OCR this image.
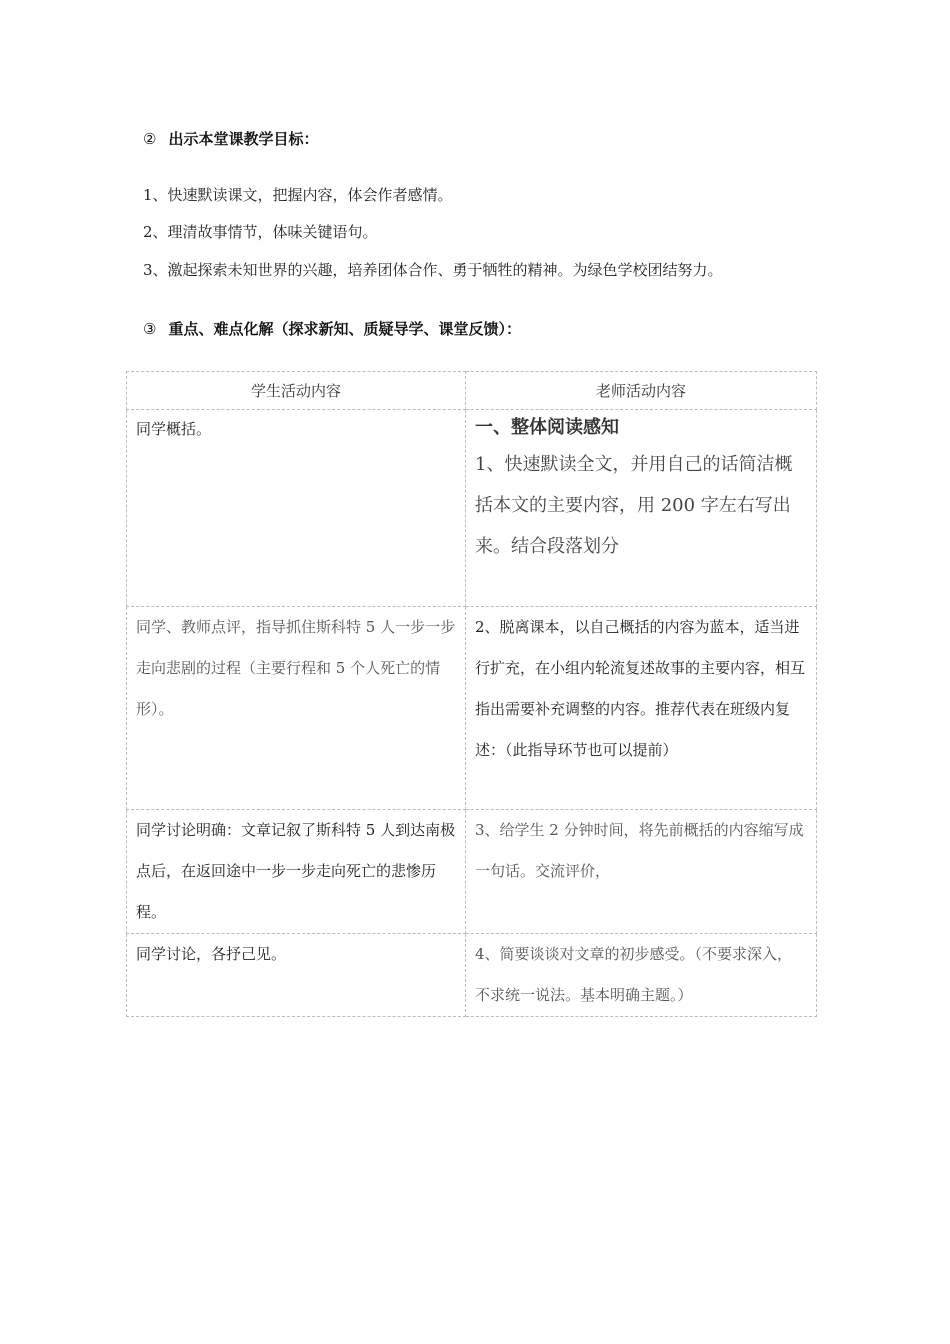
② 出示本堂课教学目标：
1、快速默读课文，把握内容，体会作者感情。
2、理清故事情节，体味关键语句。
3、激起探索未知世界的兴趣，培养团体合作、勇于牺牲的精神。为绿色学校团结努力。
③ 重点、难点化解（探求新知、质疑导学、课堂反馈）：
学生活动内容	老师活动内容

同学概括。	一、整体阅读感知
1、快速默读全文，并用自己的话简洁概括本文的主要内容，用 200 字左右写出来。结合段落划分

同学、教师点评，指导抓住斯科特 5 人一步一步走向悲剧的过程（主要行程和 5 个人死亡的情形）。	2、脱离课本，以自己概括的内容为蓝本，适当进行扩充，在小组内轮流复述故事的主要内容，相互指出需要补充调整的内容。推荐代表在班级内复述：（此指导环节也可以提前）

同学讨论明确：文章记叙了斯科特 5 人到达南极点后，在返回途中一步一步走向死亡的悲惨历程。	3、给学生 2 分钟时间，将先前概括的内容缩写成一句话。交流评价，

同学讨论，各抒己见。	4、简要谈谈对文章的初步感受。（不要求深入，不求统一说法。基本明确主题。）
